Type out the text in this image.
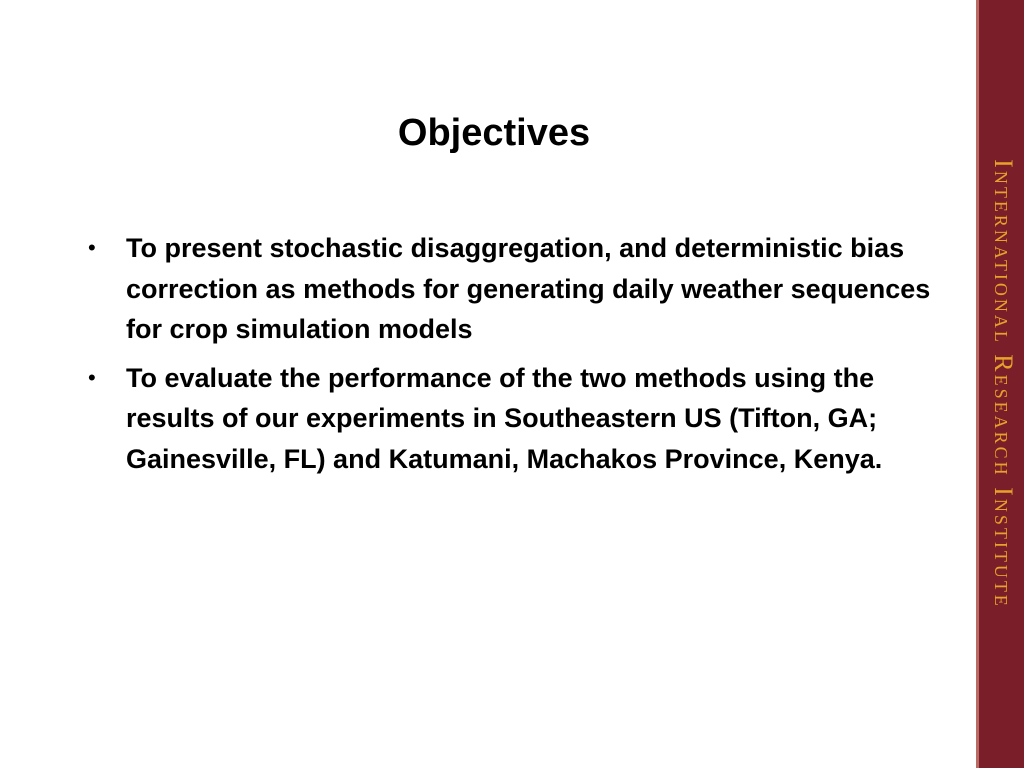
Objectives
• To present stochastic disaggregation, and deterministic bias correction as methods for generating daily weather sequences for crop simulation models
• To evaluate the performance of the two methods using the results of our experiments in Southeastern US (Tifton, GA; Gainesville, FL) and Katumani, Machakos Province, Kenya.	International Research Institute
